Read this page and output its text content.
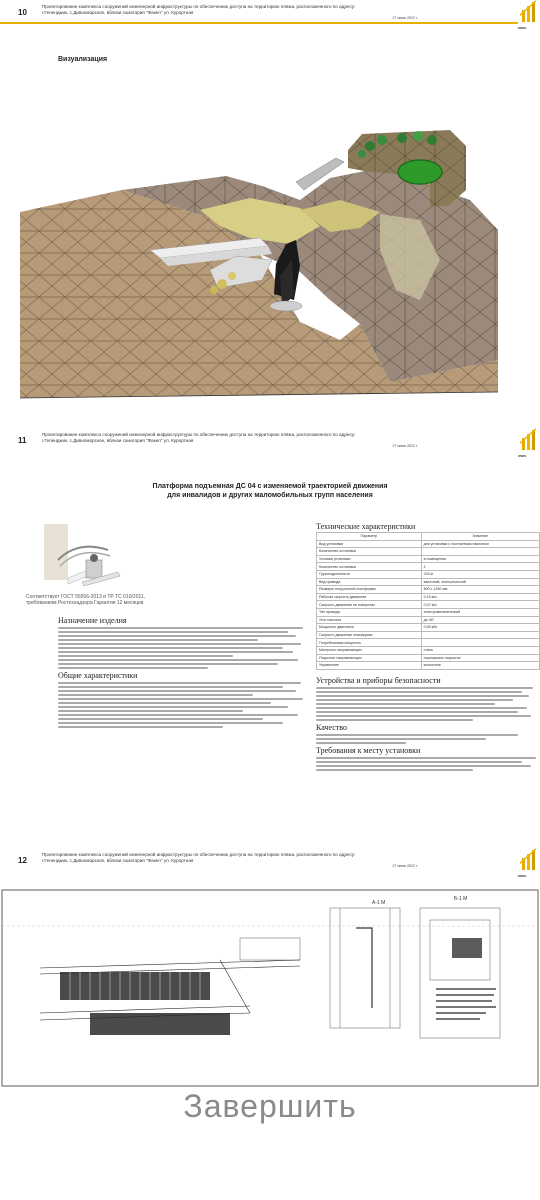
10
Проектирование комплекса сооружений инженерной инфраструктуры по обеспечению доступа на территорию пляжа, расположенного по адресу:
г.Геленджик, с.Дивноморское, вблизи санатория "Факел" ул. Курортная
27 июня 2022 г.
www.
Визуализация
11
Проектирование комплекса сооружений инженерной инфраструктуры по обеспечению доступа на территорию пляжа, расположенного по адресу:
г.Геленджик, с.Дивноморское, вблизи санатория "Факел" ул. Курортная
27 июня 2022 г.
www.
Платформа подъемная ДС 04 с изменяемой траекторией движения
для инвалидов и других маломобильных групп населения
Соответствует ГОСТ 55556-2013 и ТР ТС 010/2011, требованиям Ростехнадзора Гарантия 12 месяцев
Назначение изделия
Общие характеристики
Технические характеристики
Параметр	Значение
Вид установки	для установки с постоянным наклоном
Количество остановок	
Условия установки	в помещении
Количество остановок	2
Грузоподъемность	225 кг
Вид привода	канатный, электрический
Размеры погрузочной платформы	800 х 1250 мм
Рабочая скорость движения	0,15 м/с
Скорость движения на поворотах	0,07 м/с
Тип привода	электромеханический
Угол наклона	до 45°
Мощность двигателя	0,55 кВт
Скорость движения платформы	
Потребляемая мощность	
Материал направляющих	сталь
Покрытие направляющих	порошковое покрытие
Управление	кнопочное
Устройства и приборы безопасности
Качество
Требования к месту установки
12
Проектирование комплекса сооружений инженерной инфраструктуры по обеспечению доступа на территорию пляжа, расположенного по адресу:
г.Геленджик, с.Дивноморское, вблизи санатория "Факел" ул. Курортная
27 июня 2022 г.
www.
А-1 М
Б-1 М
Завершить
